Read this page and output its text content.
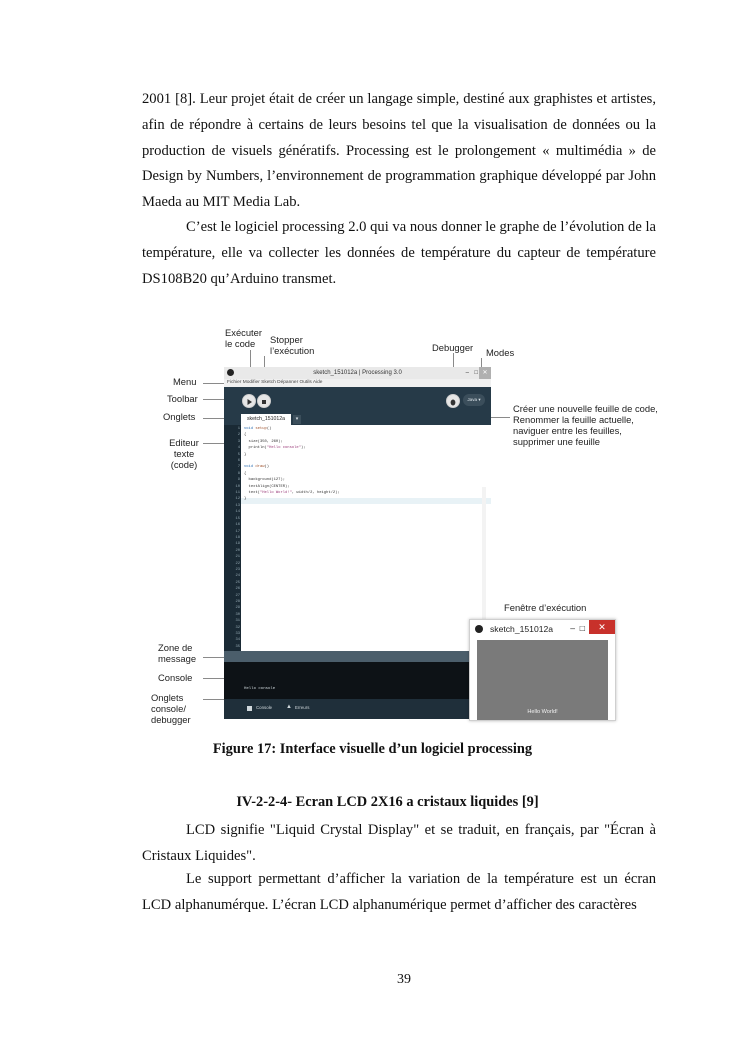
2001 [8]. Leur projet était de créer un langage simple, destiné aux graphistes et artistes, afin de répondre à certains de leurs besoins tel que la visualisation de données ou la production de visuels génératifs. Processing est le prolongement « multimédia » de Design by Numbers, l’environnement de programmation graphique développé par John Maeda au MIT Media Lab.

C’est le logiciel processing 2.0 qui va nous donner le graphe de l’évolution de la température, elle va collecter les données de température du capteur de température DS108B20 qu’Arduino transmet.

Exécuter le code	Stopper l’exécution	Debugger Modes
Menu
Toolbar
Onglets
Editeur texte (code)
Zone de message
Console
Onglets console/ debugger
Créer une nouvelle feuille de code, Renommer la feuille actuelle, naviguer entre les feuilles, supprimer une feuille
Fenêtre d’exécution
sketch_151012a | Processing 3.0	– □ ✕
Fichier Modifier Sketch Dépanner Outils Aide
Java ▾
sketch_151012a	▾
1
2
3
4
5
6
7
8
9
10
11
12
13
14
15
16
17
18
19
20
21
22
23
24
25
26
27
28
29
30
31
32
33
34
35
void setup()
{
size(350, 260);
println("Hello console");
}

void draw()
{
background(127);
textAlign(CENTER);
text("Hello World!", width/2, height/2);
}
Hello console
Console ▲ Erreurs
sketch_151012a – □	✕
Hello World!
Figure 17: Interface visuelle d’un logiciel processing
IV-2-2-4- Ecran LCD 2X16 a cristaux liquides [9]

LCD signifie "Liquid Crystal Display" et se traduit, en français, par "Écran à Cristaux Liquides".

Le support permettant d’afficher la variation de la température est un écran LCD alphanumérque. L’écran LCD alphanumérique permet d’afficher des caractères

39
